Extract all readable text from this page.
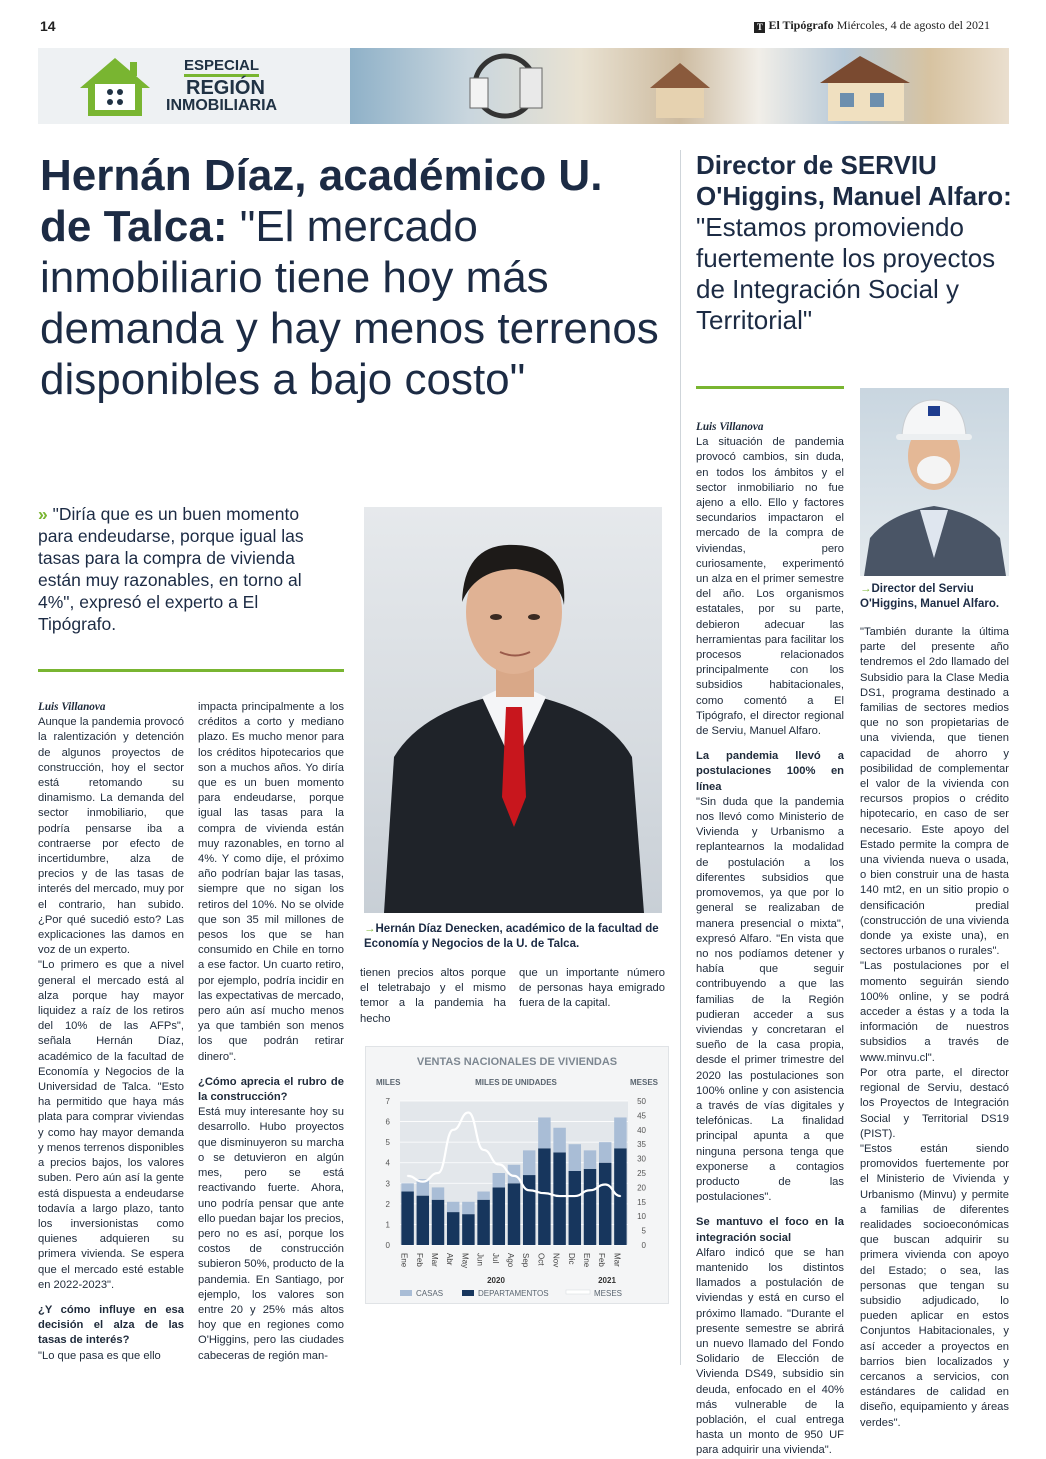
14	T El Tipógrafo Miércoles, 4 de agosto del 2021
ESPECIAL
REGIÓN
INMOBILIARIA
Hernán Díaz, académico U. de Talca: "El mercado inmobiliario tiene hoy más demanda y hay menos terrenos disponibles a bajo costo"
Director de SERVIU O'Higgins, Manuel Alfaro: "Estamos promoviendo fuertemente los proyectos de Integración Social y Territorial"
» "Diría que es un buen momento para endeudarse, porque igual las tasas para la compra de vivienda están muy razonables, en torno al 4%", expresó el experto a El Tipógrafo.

Luis Villanova

Aunque la pandemia provocó la ralentización y detención de algunos proyectos de construcción, hoy el sector está retomando su dinamismo. La demanda del sector inmobiliario, que podría pensarse iba a contraerse por efecto de incertidumbre, alza de precios y de las tasas de interés del mercado, muy por el contrario, han subido. ¿Por qué sucedió esto? Las explicaciones las damos en voz de un experto.

"Lo primero es que a nivel general el mercado está al alza porque hay mayor liquidez a raíz de los retiros del 10% de las AFPs", señala Hernán Díaz, académico de la facultad de Economía y Negocios de la Universidad de Talca. "Esto ha permitido que haya más plata para comprar viviendas y como hay mayor demanda y menos terrenos disponibles a precios bajos, los valores suben. Pero aún así la gente está dispuesta a endeudarse todavía a largo plazo, tanto los inversionistas como quienes adquieren su primera vivienda. Se espera que el mercado esté estable en 2022-2023".

¿Y cómo influye en esa decisión el alza de las tasas de interés?

"Lo que pasa es que ello

impacta principalmente a los créditos a corto y mediano plazo. Es mucho menor para los créditos hipotecarios que son a muchos años. Yo diría que es un buen momento para endeudarse, porque igual las tasas para la compra de vivienda están muy razonables, en torno al 4%. Y como dije, el próximo año podrían bajar las tasas, siempre que no sigan los retiros del 10%. No se olvide que son 35 mil millones de pesos los que se han consumido en Chile en torno a ese factor. Un cuarto retiro, por ejemplo, podría incidir en las expectativas de mercado, pero aún así mucho menos ya que también son menos los que podrán retirar dinero".

¿Cómo aprecia el rubro de la construcción?

Está muy interesante hoy su desarrollo. Hubo proyectos que disminuyeron su marcha o se detuvieron en algún mes, pero se está reactivando fuerte. Ahora, uno podría pensar que ante ello puedan bajar los precios, pero no es así, porque los costos de construcción subieron 50%, producto de la pandemia. En Santiago, por ejemplo, los valores son entre 20 y 25% más altos hoy que en regiones como O'Higgins, pero las ciudades cabeceras de región man-

→Hernán Díaz Denecken, académico de la facultad de Economía y Negocios de la U. de Talca.

tienen precios altos porque el teletrabajo y el mismo temor a la pandemia ha hecho

que un importante número de personas haya emigrado fuera de la capital.

VENTAS NACIONALES DE VIVIENDAS
MILES	MILES DE UNIDADES	MESES
0
1
2
3
4
5
6
7
0
5
10
15
20
25
30
35
40
45
50
Ene Feb Mar Abr May Jun Jul Ago Sep Oct Nov Dic Ene Feb Mar
2020	2021
CASAS	DEPARTAMENTOS	MESES
→Director del Serviu O'Higgins, Manuel Alfaro.

Luis Villanova

La situación de pandemia provocó cambios, sin duda, en todos los ámbitos y el sector inmobiliario no fue ajeno a ello. Ello y factores secundarios impactaron el mercado de la compra de viviendas, pero curiosamente, experimentó un alza en el primer semestre del año. Los organismos estatales, por su parte, debieron adecuar las herramientas para facilitar los procesos relacionados principalmente con los subsidios habitacionales, como comentó a El Tipógrafo, el director regional de Serviu, Manuel Alfaro.

La pandemia llevó a postulaciones 100% en línea

"Sin duda que la pandemia nos llevó como Ministerio de Vivienda y Urbanismo a replantearnos la modalidad de postulación a los diferentes subsidios que promovemos, ya que por lo general se realizaban de manera presencial o mixta", expresó Alfaro. "En vista que no nos podíamos detener y había que seguir contribuyendo a que las familias de la Región pudieran acceder a sus viviendas y concretaran el sueño de la casa propia, desde el primer trimestre del 2020 las postulaciones son 100% online y con asistencia a través de vías digitales y telefónicas. La finalidad principal apunta a que ninguna persona tenga que exponerse a contagios producto de las postulaciones".

Se mantuvo el foco en la integración social

Alfaro indicó que se han mantenido los distintos llamados a postulación de viviendas y está en curso el próximo llamado. "Durante el presente semestre se abrirá un nuevo llamado del Fondo Solidario de Elección de Vivienda DS49, subsidio sin deuda, enfocado en el 40% más vulnerable de la población, el cual entrega hasta un monto de 950 UF para adquirir una vivienda".

"También durante la última parte del presente año tendremos el 2do llamado del Subsidio para la Clase Media DS1, programa destinado a familias de sectores medios que no son propietarias de una vivienda, que tienen capacidad de ahorro y posibilidad de complementar el valor de la vivienda con recursos propios o crédito hipotecario, en caso de ser necesario. Este apoyo del Estado permite la compra de una vivienda nueva o usada, o bien construir una de hasta 140 mt2, en un sitio propio o densificación predial (construcción de una vivienda donde ya existe una), en sectores urbanos o rurales".

"Las postulaciones por el momento seguirán siendo 100% online, y se podrá acceder a éstas y a toda la información de nuestros subsidios a través de www.minvu.cl".

Por otra parte, el director regional de Serviu, destacó los Proyectos de Integración Social y Territorial DS19 (PIST).

"Estos están siendo promovidos fuertemente por el Ministerio de Vivienda y Urbanismo (Minvu) y permite a familias de diferentes realidades socioeconómicas que buscan adquirir su primera vivienda con apoyo del Estado; o sea, las personas que tengan su subsidio adjudicado, lo pueden aplicar en estos Conjuntos Habitacionales, y así acceder a proyectos en barrios bien localizados y cercanos a servicios, con estándares de calidad en diseño, equipamiento y áreas verdes".
